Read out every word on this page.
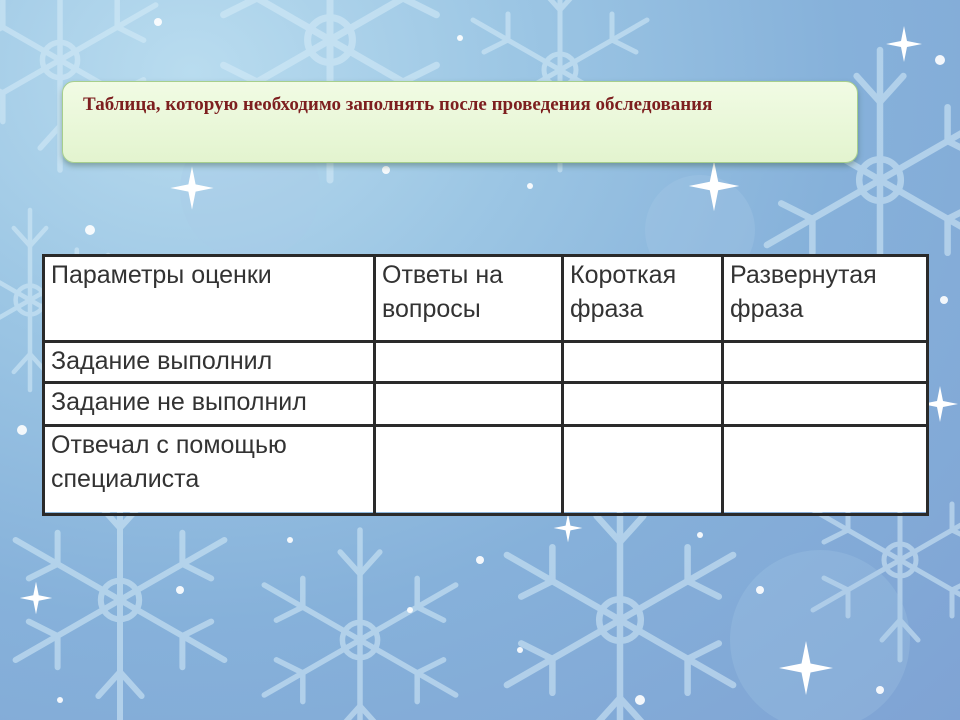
Таблица, которую необходимо заполнять после проведения обследования

Параметры оценки	Ответы на вопросы	Короткая фраза	Развернутая фраза
Задание выполнил			
Задание не выполнил			
Отвечал с помощью специалиста			
